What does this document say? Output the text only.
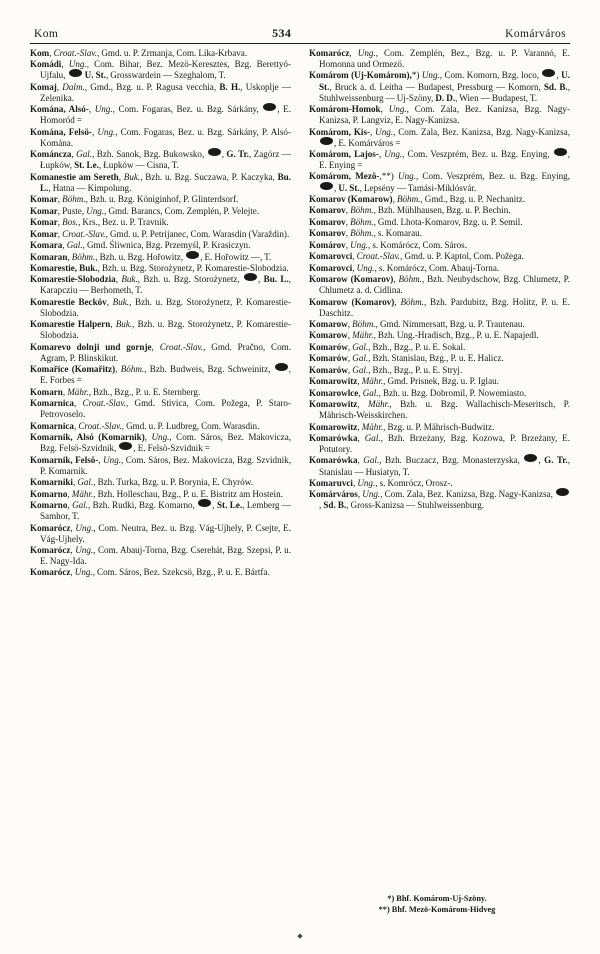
Kom	534	Komárváros

Kom, Croat.-Slav., Gmd. u. P. Zrmanja, Com. Lika-Krbava.

Komádi, Ung., Com. Bihar, Bez. Mezö-Keresztes, Bzg. Berettyó-Ujfalu,  U. St., Grosswardein — Szeghalom, T.

Komaj, Dalm., Gmd., Bzg. u. P. Ragusa vecchia, B. H., Uskoplje — Zelenika.

Komána, Alsó-, Ung., Com. Fogaras, Bez. u. Bzg. Sárkány, , E. Homoród =

Komána, Felsö-, Ung., Com. Fogaras, Bez. u. Bzg. Sárkány, P. Alsó-Komána.

Kománcza, Gal., Bzh. Sanok, Bzg. Bukowsko, , G. Tr., Zagórz — Łupków, St. Le., Łupków — Cisna, T.

Komanestie am Sereth, Buk., Bzh. u. Bzg. Suczawa, P. Kaczyka, Bu. L., Hatna — Kimpolung.

Komar, Böhm., Bzh. u. Bzg. Königinhof, P. Glinterdsorf.

Komar, Puste, Ung., Gmd. Barancs, Com. Zemplén, P. Velejte.

Komar, Bos., Krs., Bez. u. P. Travnik.

Komar, Croat.-Slav., Gmd. u. P. Petrijanec, Com. Warasdin (Varaždin).

Komara, Gal., Gmd. Śliwnica, Bzg. Przemyśl, P. Krasiczyn.

Komaran, Böhm., Bzh. u. Bzg. Hořowitz, , E. Hořowitz —, T.

Komarestie, Buk., Bzh. u. Bzg. Storożynetz, P. Komarestie-Slobodzia.

Komarestie-Slobodzia, Buk., Bzh. u. Bzg. Storożynetz, , Bu. L., Karapcziu — Berhometh, T.

Komarestie Becköv, Buk., Bzh. u. Bzg. Storożynetz, P. Komarestie-Slobodzia.

Komarestie Halpern, Buk., Bzh. u. Bzg. Storożynetz, P. Komarestie-Slobodzia.

Komarevo dolnji und gornje, Croat.-Slav., Gmd. Pračno, Com. Agram, P. Blinskikut.

Komařice (Komařitz), Böhm., Bzh. Budweis, Bzg. Schweinitz, , E. Forbes =

Komarn, Mähr., Bzh., Bzg., P. u. E. Sternberg.

Komarnica, Croat.-Slav., Gmd. Stivica, Com. Požega, P. Staro-Petrovoselo.

Komarnica, Croat.-Slav., Gmd. u. P. Ludbreg, Com. Warasdin.

Komarnik, Alsó (Komarnik), Ung., Com. Sáros, Bez. Makovicza, Bzg. Felsö-Szvidnik, , E. Felsö-Szvidnik =

Komarnik, Felsö-, Ung., Com. Sáros, Bez. Makovicza, Bzg. Szvidnik, P. Komarnik.

Komarniki, Gal., Bzh. Turka, Bzg. u. P. Borynia, E. Chyrów.

Komarno, Mähr., Bzh. Holleschau, Bzg., P. u. E. Bistritz am Hostein.

Komarno, Gal., Bzh. Rudki, Bzg. Komarno, , St. Le., Lemberg — Samhor, T.

Komarócz, Ung., Com. Neutra, Bez. u. Bzg. Vág-Ujhely, P. Csejte, E. Vág-Ujhely.

Komarócz, Ung., Com. Abauj-Torna, Bzg. Cserehát, Bzg. Szepsi, P. u. E. Nagy-Ida.

Komarócz, Ung., Com. Sáros, Bez. Szekcsö, Bzg., P. u. E. Bártfa.

Komarócz, Ung., Com. Zemplén, Bez., Bzg. u. P. Varannó, E. Homonna und Ormezö.

Komárom (Uj-Komárom),*) Ung., Com. Komorn, Bzg. loco, , U. St., Bruck a. d. Leitha — Budapest, Pressburg — Komorn, Sd. B., Stuhlweissenburg — Uj-Szöny, D. D., Wien — Budapest, T.

Komárom-Homok, Ung., Com. Zala, Bez. Kanizsa, Bzg. Nagy-Kanizsa, P. Langviz, E. Nagy-Kanizsa.

Komárom, Kis-, Ung., Com. Zala, Bez. Kanizsa, Bzg. Nagy-Kanizsa, , E. Komárváros =

Komárom, Lajos-, Ung., Com. Veszprém, Bez. u. Bzg. Enying, , E. Enying =

Komárom, Mezö-,**) Ung., Com. Veszprém, Bez. u. Bzg. Enying, , U. St., Lepsény — Tamási-Miklósvár.

Komarov (Komarow), Böhm., Gmd., Bzg. u. P. Nechanitz.

Komarov, Böhm., Bzh. Mühlhausen, Bzg. u. P. Bechin.

Komarov, Böhm., Gmd. Lhota-Komarov, Bzg. u. P. Semil.

Komarov, Böhm., s. Komarau.

Komárov, Ung., s. Komárócz, Com. Sáros.

Komarovci, Croat.-Slav., Gmd. u. P. Kaptol, Com. Požega.

Komarovci, Ung., s. Komárócz, Com. Abauj-Torna.

Komarow (Komarov), Böhm., Bzh. Neubydschow, Bzg. Chlumetz, P. Chlumetz a. d. Cidlina.

Komarow (Komarov), Böhm., Bzh. Pardubitz, Bzg. Holitz, P. u. E. Daschitz.

Komarow, Böhm., Gmd. Nimmersatt, Bzg. u. P. Trautenau.

Komarow, Mähr., Bzh. Ung.-Hradisch, Bzg., P. u. E. Napajedl.

Komarów, Gal., Bzh., Bzg., P. u. E. Sokal.

Komarów, Gal., Bzh. Stanislau, Bzg., P. u. E. Halicz.

Komarów, Gal., Bzh., Bzg., P. u. E. Stryj.

Komarowitz, Mähr., Gmd. Prisnek, Bzg. u. P. Iglau.

Komarowlce, Gal., Bzh. u. Bzg. Dobromil, P. Nowemiasto.

Komarowitz, Mähr., Bzh. u. Bzg. Wallachisch-Meseritsch, P. Mährisch-Weisskirchen.

Komarowitz, Mähr., Bzg. u. P. Mährisch-Budwitz.

Komarówka, Gal., Bzh. Brzeżany, Bzg. Kozowa, P. Brzeżany, E. Potutory.

Komarówka, Gal., Bzh. Buczacz, Bzg. Monasterzyska, , G. Tr., Stanislau — Husiatyn, T.

Komaruvci, Ung., s. Komrócz, Orosz-.

Komárváros, Ung., Com. Zala, Bez. Kanizsa, Bzg. Nagy-Kanizsa, , Sd. B., Gross-Kanizsa — Stuhlweissenburg.

*) Bhf. Komárom-Uj-Szöny.
**) Bhf. Mezö-Komárom-Hidveg
◆
